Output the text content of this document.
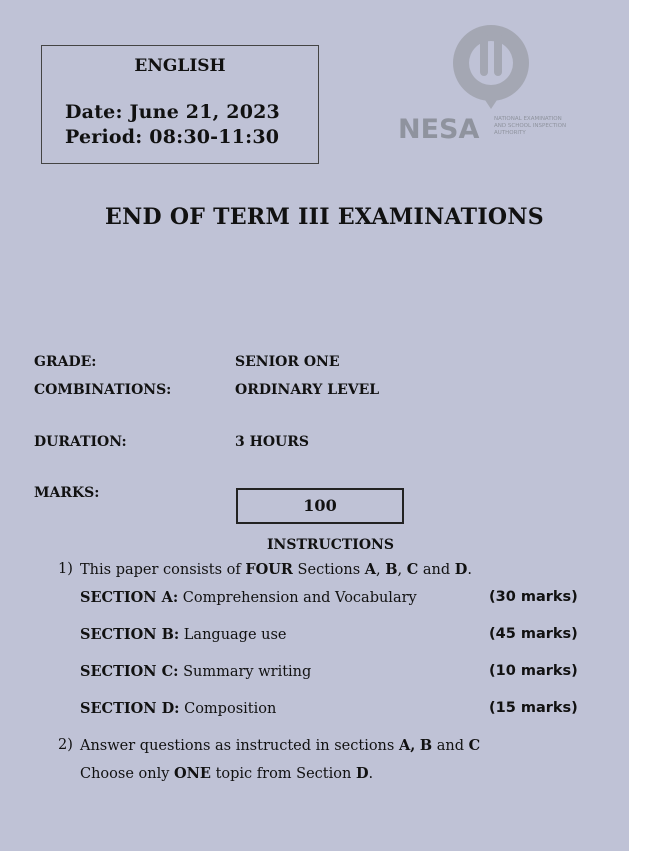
ENGLISH
Date: June 21, 2023
Period: 08:30-11:30	NESA	NATIONAL EXAMINATION
AND SCHOOL INSPECTION
AUTHORITY
END OF TERM III EXAMINATIONS
GRADE:	SENIOR ONE
COMBINATIONS:	ORDINARY LEVEL
DURATION:	3 HOURS
MARKS:
100
INSTRUCTIONS
1) This paper consists of FOUR Sections A, B, C and D.
SECTION A: Comprehension and Vocabulary	(30 marks)
SECTION B: Language use	(45 marks)
SECTION C: Summary writing	(10 marks)
SECTION D: Composition	(15 marks)
2) Answer questions as instructed in sections A, B and C
Choose only ONE topic from Section D.
